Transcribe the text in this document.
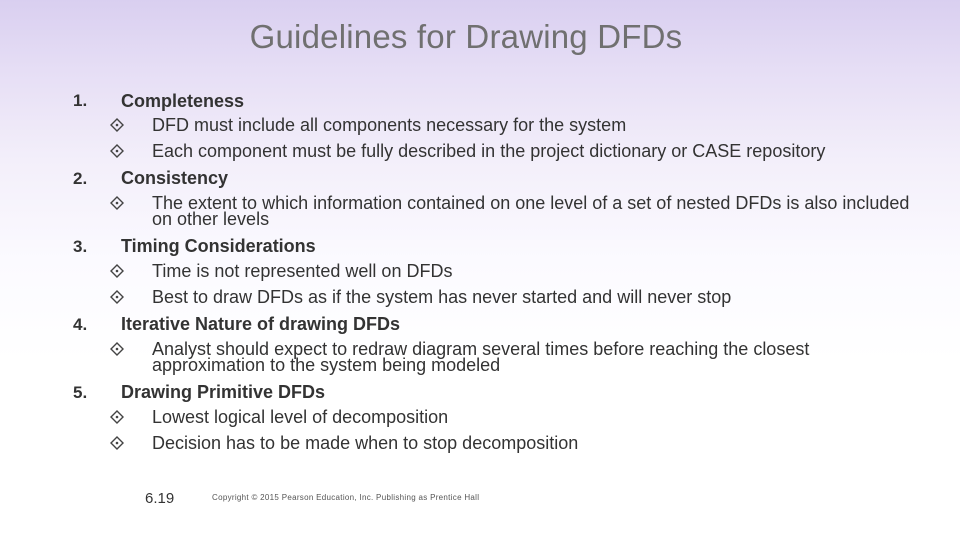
Guidelines for Drawing DFDs
1. Completeness
DFD must include all components necessary for the system
Each component must be fully described in the project dictionary or CASE repository
2. Consistency
The extent to which information contained on one level of a set of nested DFDs is also included on other levels
3. Timing Considerations
Time is not represented well on DFDs
Best to draw DFDs as if the system has never started and will never stop
4. Iterative Nature of drawing DFDs
Analyst should expect to redraw diagram several times before reaching the closest approximation to the system being modeled
5. Drawing Primitive DFDs
Lowest logical level of decomposition
Decision has to be made when to stop decomposition
6.19	Copyright © 2015 Pearson Education, Inc. Publishing as Prentice Hall
